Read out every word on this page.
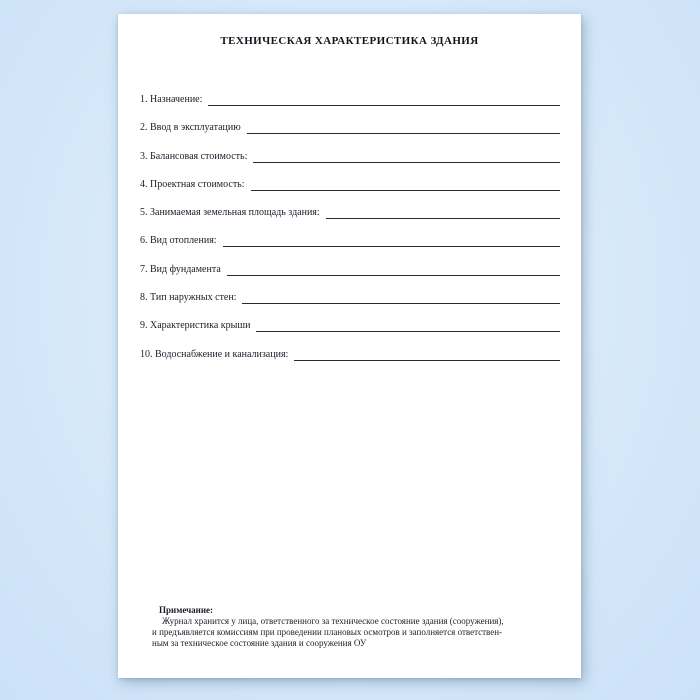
ТЕХНИЧЕСКАЯ ХАРАКТЕРИСТИКА ЗДАНИЯ
1. Назначение:
2. Ввод в эксплуатацию
3. Балансовая стоимость:
4. Проектная стоимость:
5. Занимаемая земельная площадь здания:
6. Вид отопления:
7. Вид фундамента
8. Тип наружных стен:
9. Характеристика крыши
10. Водоснабжение и канализация:
Примечание:
Журнал хранится у лица, ответственного за техническое состояние здания (сооружения),
и предъявляется комиссиям при проведении плановых осмотров и заполняется ответствен-
ным за техническое состояние здания и сооружения ОУ
